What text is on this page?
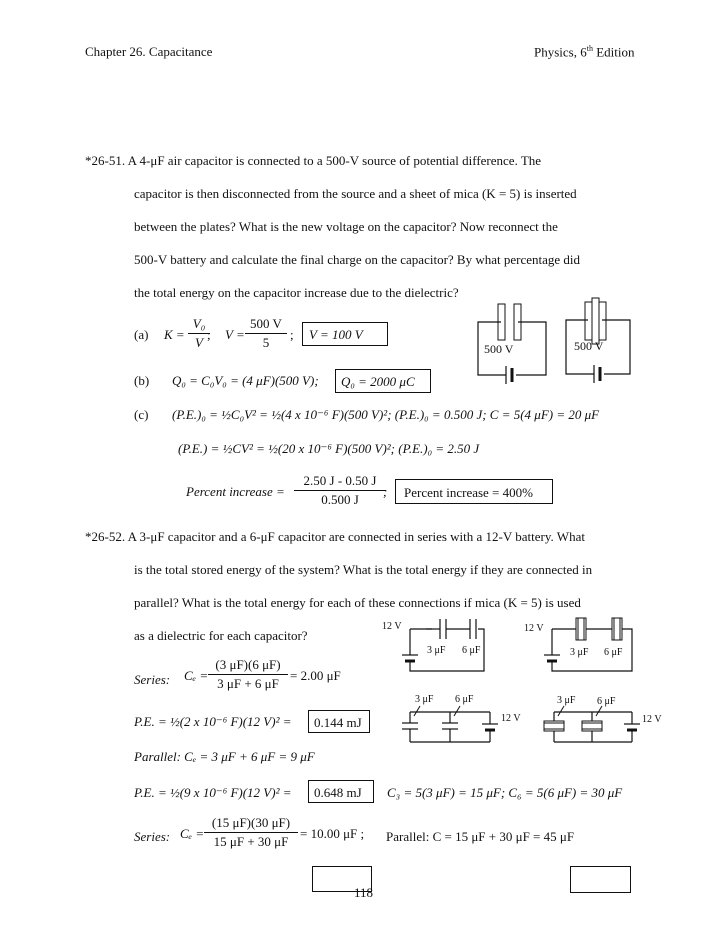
Chapter 26. Capacitance	Physics, 6th Edition
*26-51. A 4-μF air capacitor is connected to a 500-V source of potential difference. The
capacitor is then disconnected from the source and a sheet of mica (K = 5) is inserted
between the plates? What is the new voltage on the capacitor? Now reconnect the
500-V battery and calculate the final charge on the capacitor? By what percentage did
the total energy on the capacitor increase due to the dielectric?
(a) $K = \frac{\text{V₀}}{V}$
; $V = \frac{500 V}{5}$ ; V = 100 V
500 V	500 V
(b) Q₀ = C₀V₀ = (4 μF)(500 V); Q₀ = 2000 μC
(c) (P.E.)₀ = ½C₀V² = ½(4 x 10⁻⁶ F)(500 V)²; (P.E.)₀ = 0.500 J; C = 5(4 μF) = 20 μF
(P.E.) = ½CV² = ½(20 x 10⁻⁶ F)(500 V)²; (P.E.)₀ = 2.50 J
Percent increase = $\frac{2.50 J - 0.50 J}{0.500 J}$
; Percent increase = 400%
*26-52. A 3-μF capacitor and a 6-μF capacitor are connected in series with a 12-V battery. What
is the total stored energy of the system? What is the total energy if they are connected in
parallel? What is the total energy for each of these connections if mica (K = 5) is used
as a dielectric for each capacitor?
12 V
3 μF 6 μF
12 V
3 μF 6 μF
Series: $C_e = \frac{(3 \mu F)(6 \mu F)}{3 \mu F + 6 \mu F} = 2.00$ μF
3 μF 6 μF
12 V
3 μF 6 μF
12 V
P.E. = ½(2 x 10⁻⁶ F)(12 V)² = 0.144 mJ
Parallel: Cₑ = 3 μF + 6 μF = 9 μF
P.E. = ½(9 x 10⁻⁶ F)(12 V)² = 0.648 mJ C₃ = 5(3 μF) = 15 μF; C₆ = 5(6 μF) = 30 μF
Series: $C_e = \frac{(15 \mu F)(30 \mu F)}{15 \mu F + 30 \mu F} = 10.00$ μF ; Parallel: C = 15 μF + 30 μF = 45 μF
118
